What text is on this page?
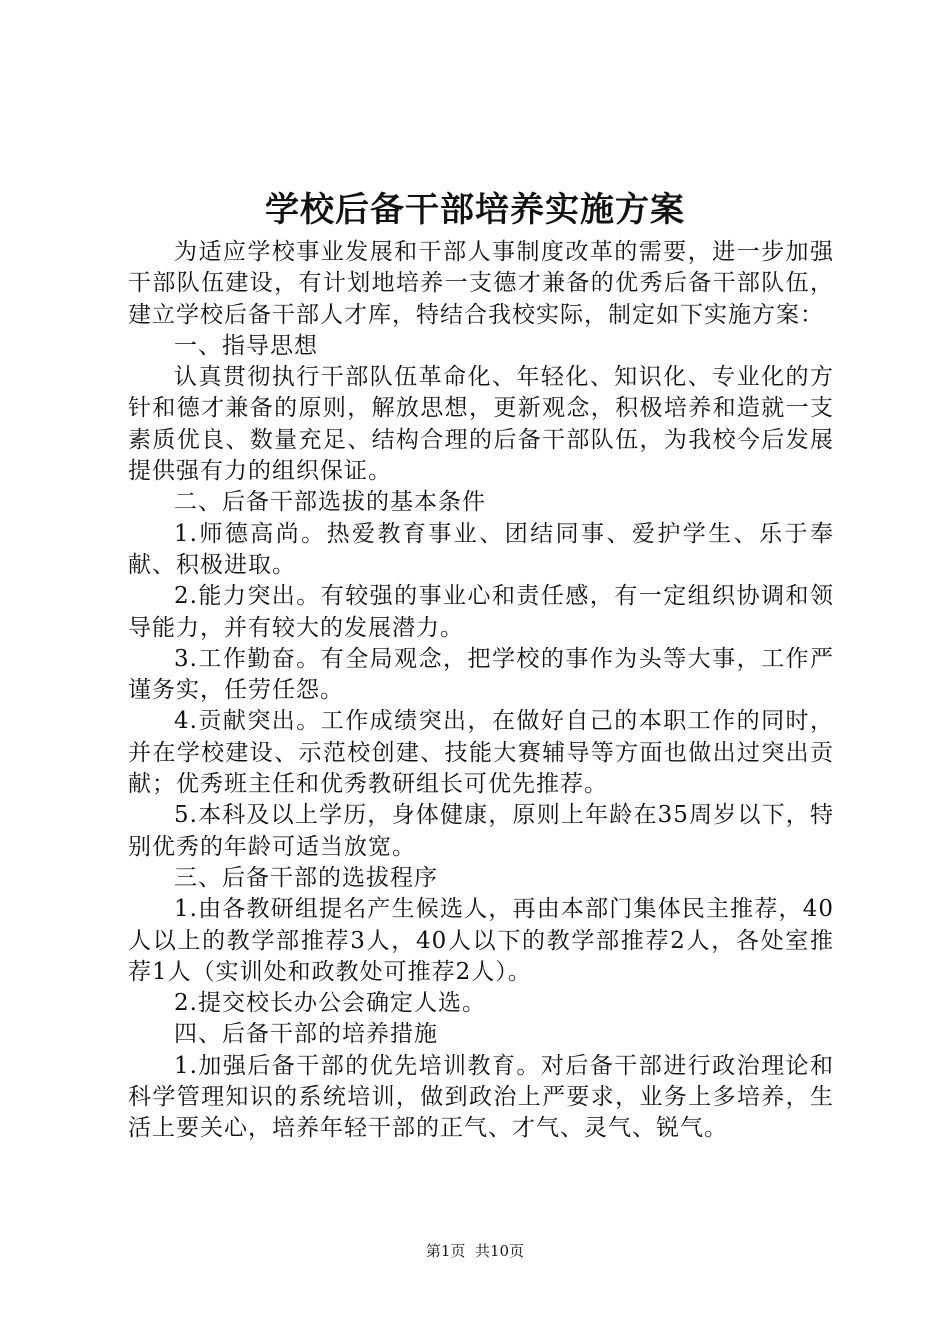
学校后备干部培养实施方案

为适应学校事业发展和干部人事制度改革的需要，进一步加强干部队伍建设，有计划地培养一支德才兼备的优秀后备干部队伍，建立学校后备干部人才库，特结合我校实际，制定如下实施方案：

一、指导思想

认真贯彻执行干部队伍革命化、年轻化、知识化、专业化的方针和德才兼备的原则，解放思想，更新观念，积极培养和造就一支素质优良、数量充足、结构合理的后备干部队伍，为我校今后发展提供强有力的组织保证。

二、后备干部选拔的基本条件

1.师德高尚。热爱教育事业、团结同事、爱护学生、乐于奉献、积极进取。

2.能力突出。有较强的事业心和责任感，有一定组织协调和领导能力，并有较大的发展潜力。

3.工作勤奋。有全局观念，把学校的事作为头等大事，工作严谨务实，任劳任怨。

4.贡献突出。工作成绩突出，在做好自己的本职工作的同时，并在学校建设、示范校创建、技能大赛辅导等方面也做出过突出贡献；优秀班主任和优秀教研组长可优先推荐。

5.本科及以上学历，身体健康，原则上年龄在35周岁以下，特别优秀的年龄可适当放宽。

三、后备干部的选拔程序

1.由各教研组提名产生候选人，再由本部门集体民主推荐，40人以上的教学部推荐3人，40人以下的教学部推荐2人，各处室推荐1人（实训处和政教处可推荐2人）。

2.提交校长办公会确定人选。

四、后备干部的培养措施

1.加强后备干部的优先培训教育。对后备干部进行政治理论和科学管理知识的系统培训，做到政治上严要求，业务上多培养，生活上要关心，培养年轻干部的正气、才气、灵气、锐气。

第1页 共10页
